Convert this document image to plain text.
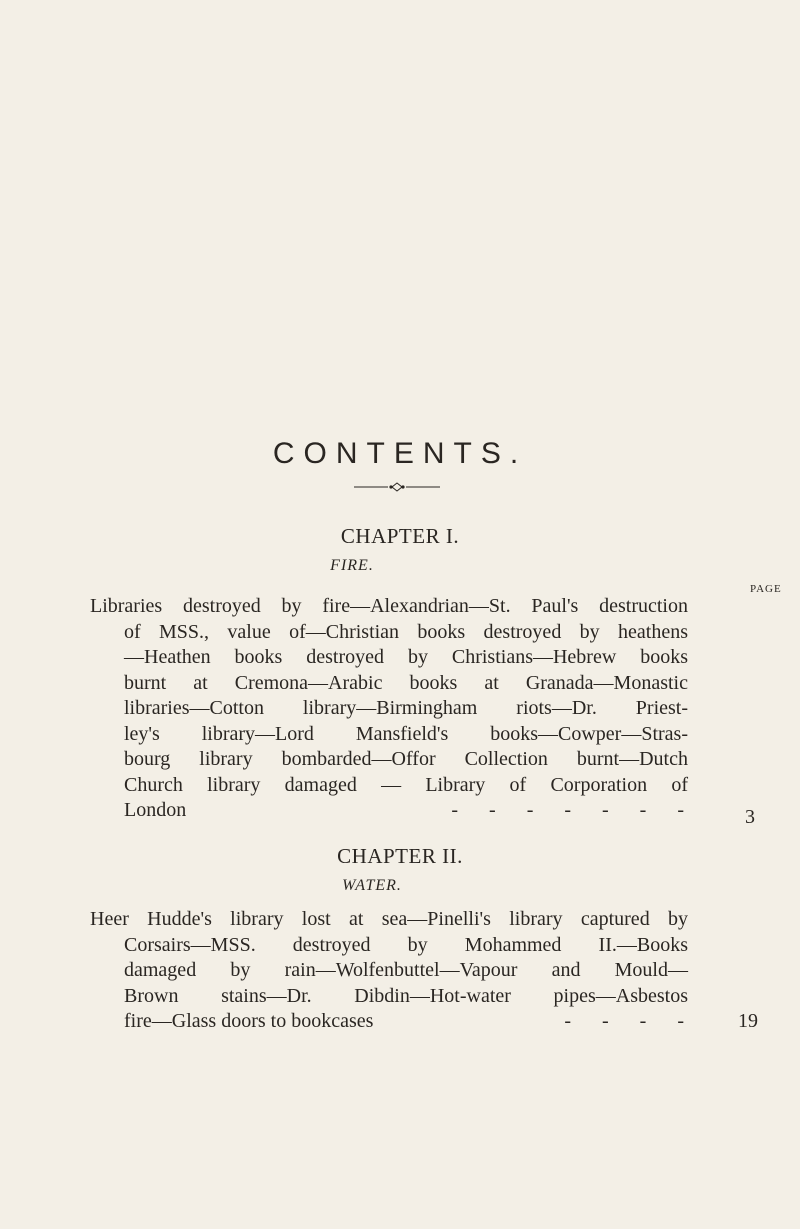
CONTENTS.
CHAPTER I.
FIRE.
PAGE
Libraries destroyed by fire—Alexandrian—St. Paul's destruction
of MSS., value of—Christian books destroyed by heathens
—Heathen books destroyed by Christians—Hebrew books
burnt at Cremona—Arabic books at Granada—Monastic
libraries—Cotton library—Birmingham riots—Dr. Priest-
ley's library—Lord Mansfield's books—Cowper—Stras-
bourg library bombarded—Offor Collection burnt—Dutch
Church library damaged — Library of Corporation of
London	-   -   -   -   -   -   -	3
CHAPTER II.
WATER.
Heer Hudde's library lost at sea—Pinelli's library captured by
Corsairs—MSS. destroyed by Mohammed II.—Books
damaged by rain—Wolfenbuttel—Vapour and Mould—
Brown stains—Dr. Dibdin—Hot-water pipes—Asbestos
fire—Glass doors to bookcases	-   -   -   -	19
